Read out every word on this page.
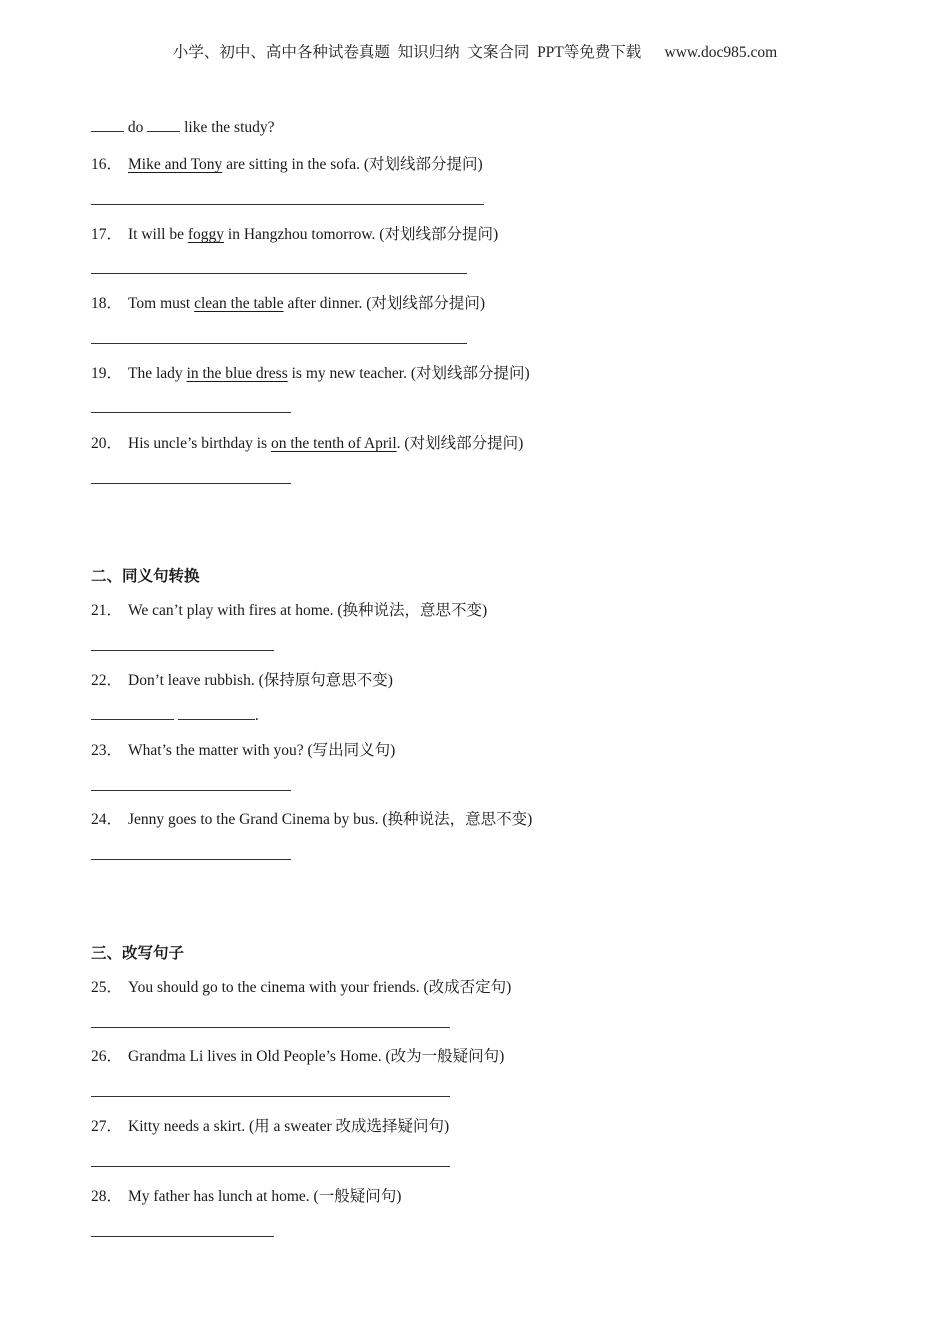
小学、初中、高中各种试卷真题  知识归纳  文案合同  PPT等免费下载      www.doc985.com
do	like the study?
16． Mike and Tony are sitting in the sofa. (对划线部分提问)
17． It will be foggy in Hangzhou tomorrow. (对划线部分提问)
18． Tom must clean the table after dinner. (对划线部分提问)
19． The lady in the blue dress is my new teacher. (对划线部分提问)
20． His uncle’s birthday is on the tenth of April. (对划线部分提问)
二、同义句转换
21． We can’t play with fires at home. (换种说法，意思不变)
22． Don’t leave rubbish. (保持原句意思不变)
.
23． What’s the matter with you? (写出同义句)
24． Jenny goes to the Grand Cinema by bus. (换种说法，意思不变)
三、改写句子
25． You should go to the cinema with your friends. (改成否定句)
26． Grandma Li lives in Old People’s Home. (改为一般疑问句)
27． Kitty needs a skirt. (用 a sweater 改成选择疑问句)
28． My father has lunch at home. (一般疑问句)
